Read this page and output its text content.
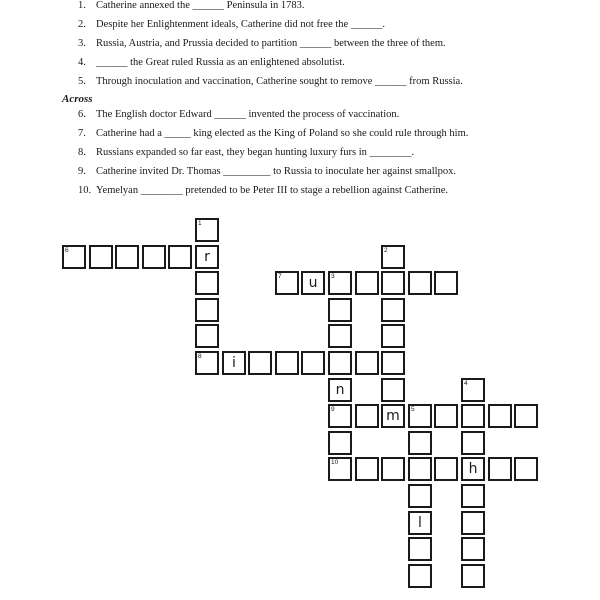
1. Catherine annexed the ______ Peninsula in 1783.
2. Despite her Enlightenment ideals, Catherine did not free the ______.
3. Russia, Austria, and Prussia decided to partition ______ between the three of them.
4. ______ the Great ruled Russia as an enlightened absolutist.
5. Through inoculation and vaccination, Catherine sought to remove ______ from Russia.
Across
6. The English doctor Edward ______ invented the process of vaccination.
7. Catherine had a _____ king elected as the King of Poland so she could rule through him.
8. Russians expanded so far east, they began hunting luxury furs in ________.
9. Catherine invited Dr. Thomas _________ to Russia to inoculate her against smallpox.
10. Yemelyan ________ pretended to be Peter III to stage a rebellion against Catherine.
1
r
8
2
3
n
9
4
h
5
l
6
7	u
i
m
10
